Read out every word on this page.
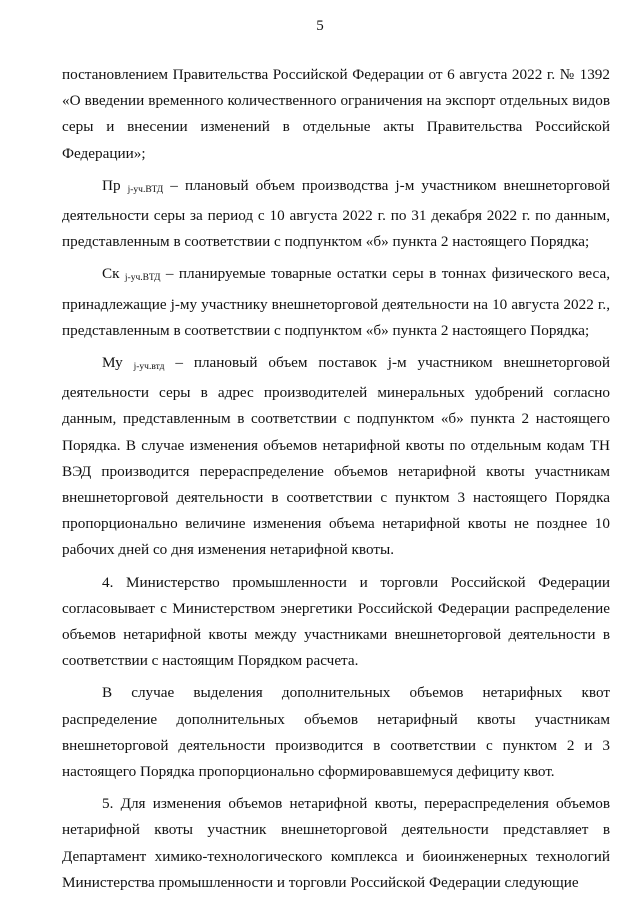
5

постановлением Правительства Российской Федерации от 6 августа 2022 г. № 1392 «О введении временного количественного ограничения на экспорт отдельных видов серы и внесении изменений в отдельные акты Правительства Российской Федерации»;

Пр j-уч.ВТД – плановый объем производства j-м участником внешнеторговой деятельности серы за период с 10 августа 2022 г. по 31 декабря 2022 г. по данным, представленным в соответствии с подпунктом «б» пункта 2 настоящего Порядка;

Ск j-уч.ВТД – планируемые товарные остатки серы в тоннах физического веса, принадлежащие j-му участнику внешнеторговой деятельности на 10 августа 2022 г., представленным в соответствии с подпунктом «б» пункта 2 настоящего Порядка;

Му j-уч.втд – плановый объем поставок j-м участником внешнеторговой деятельности серы в адрес производителей минеральных удобрений согласно данным, представленным в соответствии с подпунктом «б» пункта 2 настоящего Порядка. В случае изменения объемов нетарифной квоты по отдельным кодам ТН ВЭД производится перераспределение объемов нетарифной квоты участникам внешнеторговой деятельности в соответствии с пунктом 3 настоящего Порядка пропорционально величине изменения объема нетарифной квоты не позднее 10 рабочих дней со дня изменения нетарифной квоты.

4. Министерство промышленности и торговли Российской Федерации согласовывает с Министерством энергетики Российской Федерации распределение объемов нетарифной квоты между участниками внешнеторговой деятельности в соответствии с настоящим Порядком расчета.

В случае выделения дополнительных объемов нетарифных квот распределение дополнительных объемов нетарифный квоты участникам внешнеторговой деятельности производится в соответствии с пунктом 2 и 3 настоящего Порядка пропорционально сформировавшемуся дефициту квот.

5. Для изменения объемов нетарифной квоты, перераспределения объемов нетарифной квоты участник внешнеторговой деятельности представляет в Департамент химико-технологического комплекса и биоинженерных технологий Министерства промышленности и торговли Российской Федерации следующие
